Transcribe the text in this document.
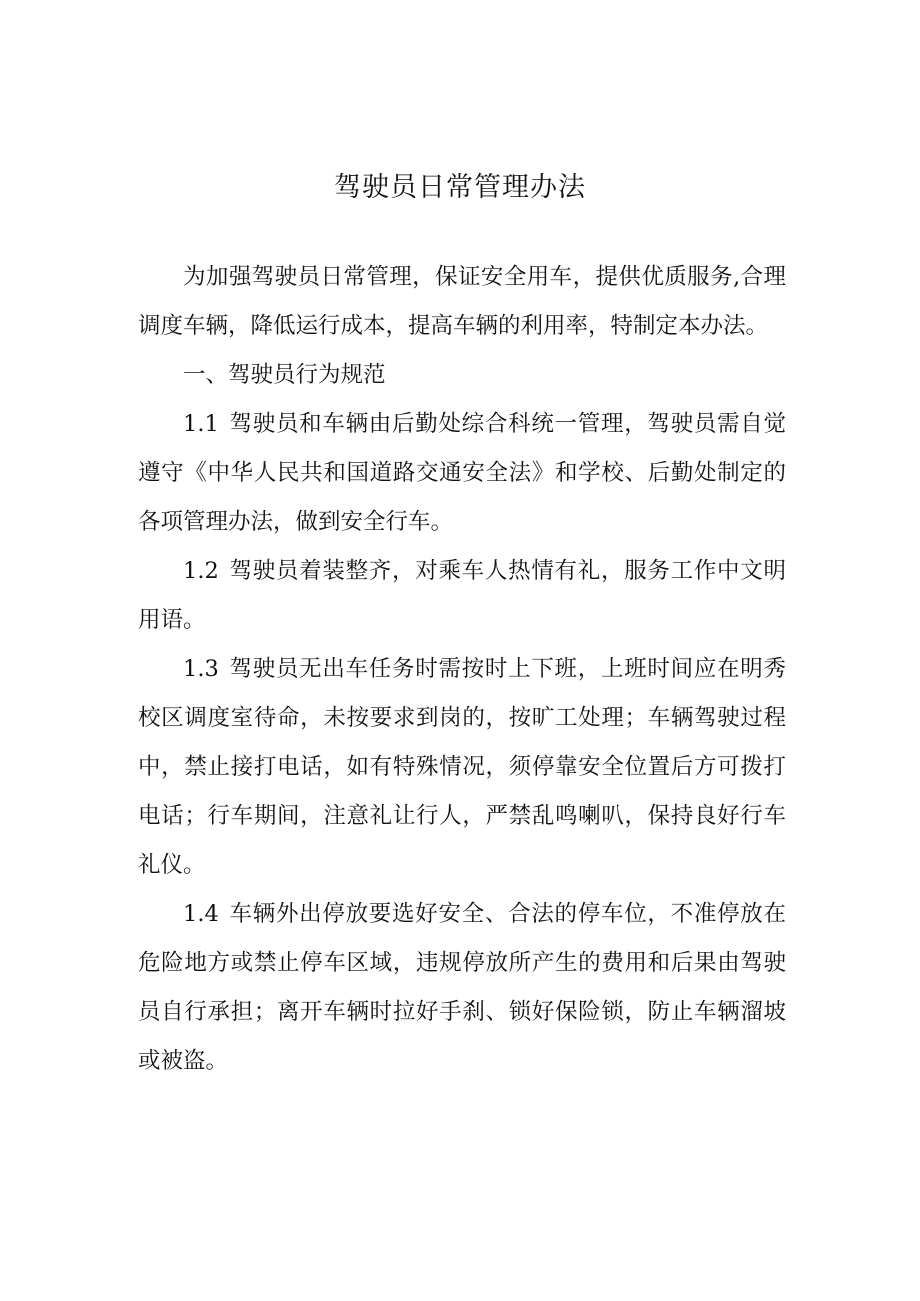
驾驶员日常管理办法

为加强驾驶员日常管理，保证安全用车，提供优质服务,合理调度车辆，降低运行成本，提高车辆的利用率，特制定本办法。

一、驾驶员行为规范

1.1 驾驶员和车辆由后勤处综合科统一管理，驾驶员需自觉遵守《中华人民共和国道路交通安全法》和学校、后勤处制定的各项管理办法，做到安全行车。

1.2 驾驶员着装整齐，对乘车人热情有礼，服务工作中文明用语。

1.3 驾驶员无出车任务时需按时上下班，上班时间应在明秀校区调度室待命，未按要求到岗的，按旷工处理；车辆驾驶过程中，禁止接打电话，如有特殊情况，须停靠安全位置后方可拨打电话；行车期间，注意礼让行人，严禁乱鸣喇叭，保持良好行车礼仪。

1.4 车辆外出停放要选好安全、合法的停车位，不准停放在危险地方或禁止停车区域，违规停放所产生的费用和后果由驾驶员自行承担；离开车辆时拉好手刹、锁好保险锁，防止车辆溜坡或被盗。
